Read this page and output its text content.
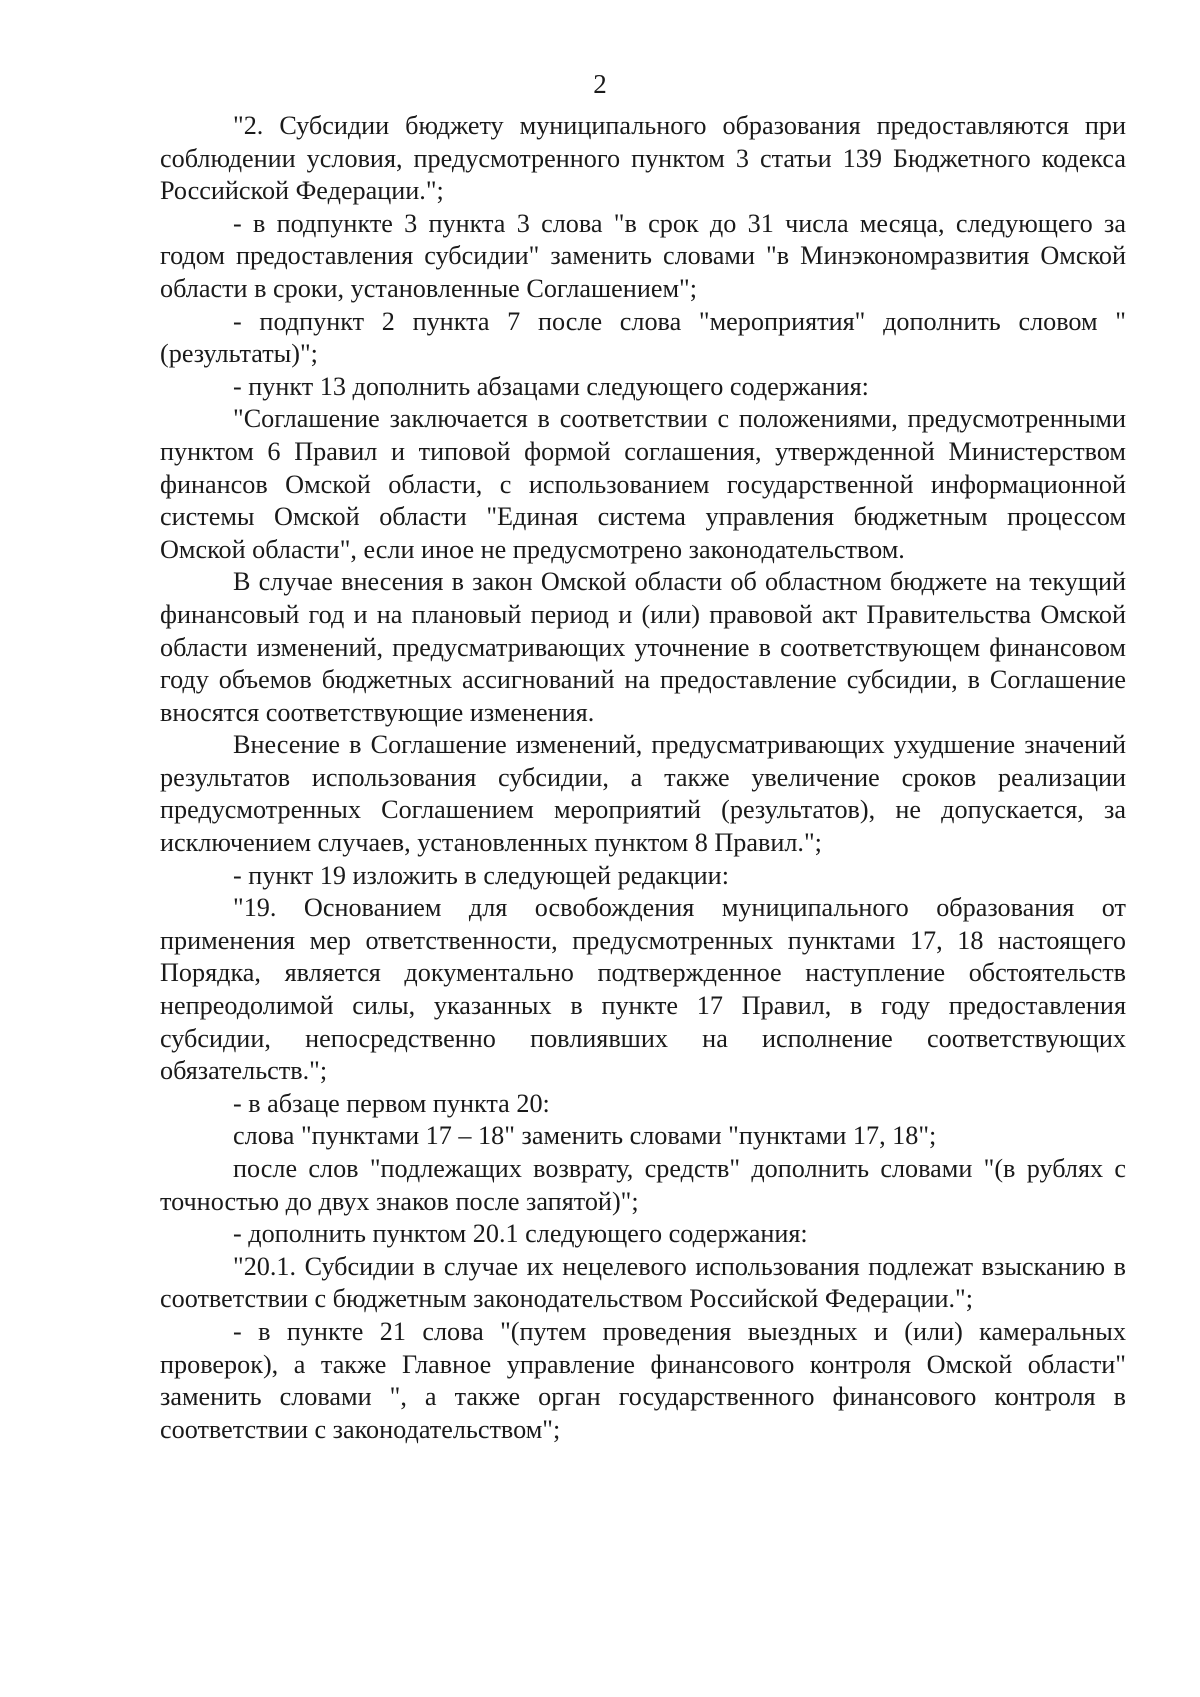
2

"2. Субсидии бюджету муниципального образования предоставляются при соблюдении условия, предусмотренного пунктом 3 статьи 139 Бюджетного кодекса Российской Федерации.";

- в подпункте 3 пункта 3 слова "в срок до 31 числа месяца, следующего за годом предоставления субсидии" заменить словами "в Минэкономразвития Омской области в сроки, установленные Соглашением";

- подпункт 2 пункта 7 после слова "мероприятия" дополнить словом "(результаты)";

- пункт 13 дополнить абзацами следующего содержания:

"Соглашение заключается в соответствии с положениями, предусмотренными пунктом 6 Правил и типовой формой соглашения, утвержденной Министерством финансов Омской области, с использованием государственной информационной системы Омской области "Единая система управления бюджетным процессом Омской области", если иное не предусмотрено законодательством.

В случае внесения в закон Омской области об областном бюджете на текущий финансовый год и на плановый период и (или) правовой акт Правительства Омской области изменений, предусматривающих уточнение в соответствующем финансовом году объемов бюджетных ассигнований на предоставление субсидии, в Соглашение вносятся соответствующие изменения.

Внесение в Соглашение изменений, предусматривающих ухудшение значений результатов использования субсидии, а также увеличение сроков реализации предусмотренных Соглашением мероприятий (результатов), не допускается, за исключением случаев, установленных пунктом 8 Правил.";

- пункт 19 изложить в следующей редакции:

"19. Основанием для освобождения муниципального образования от применения мер ответственности, предусмотренных пунктами 17, 18 настоящего Порядка, является документально подтвержденное наступление обстоятельств непреодолимой силы, указанных в пункте 17 Правил, в году предоставления субсидии, непосредственно повлиявших на исполнение соответствующих обязательств.";

- в абзаце первом пункта 20:

слова "пунктами 17 – 18" заменить словами "пунктами 17, 18";

после слов "подлежащих возврату, средств" дополнить словами "(в рублях с точностью до двух знаков после запятой)";

- дополнить пунктом 20.1 следующего содержания:

"20.1. Субсидии в случае их нецелевого использования подлежат взысканию в соответствии с бюджетным законодательством Российской Федерации.";

- в пункте 21 слова "(путем проведения выездных и (или) камеральных проверок), а также Главное управление финансового контроля Омской области" заменить словами ", а также орган государственного финансового контроля в соответствии с законодательством";
